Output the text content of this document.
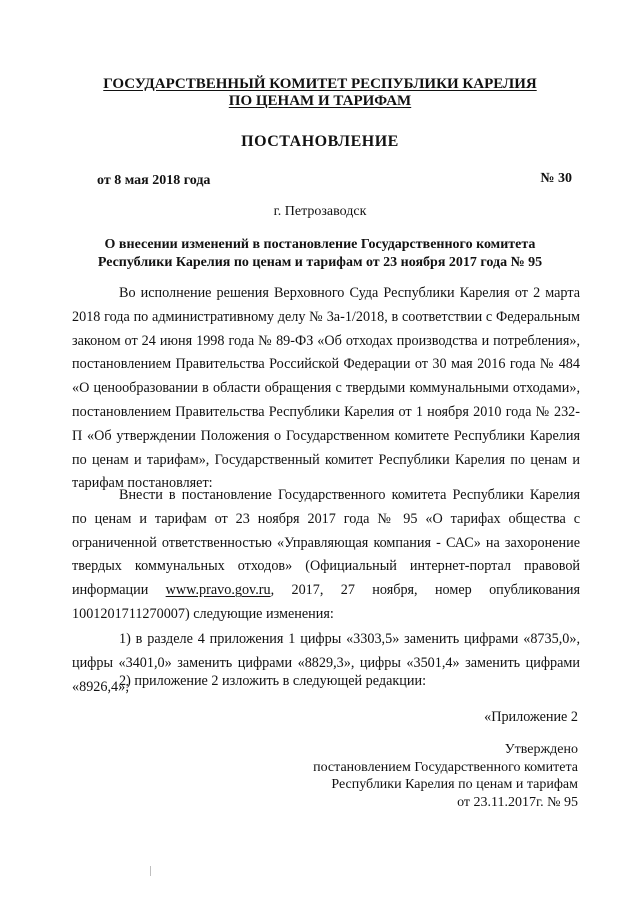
ГОСУДАРСТВЕННЫЙ КОМИТЕТ РЕСПУБЛИКИ КАРЕЛИЯ
ПО ЦЕНАМ И ТАРИФАМ
ПОСТАНОВЛЕНИЕ
от 8 мая 2018 года	№ 30
г. Петрозаводск
О внесении изменений в постановление Государственного комитета
Республики Карелия по ценам и тарифам от 23 ноября 2017 года № 95

Во исполнение решения Верховного Суда Республики Карелия от 2 марта 2018 года по административному делу № 3а-1/2018, в соответствии с Федеральным законом от 24 июня 1998 года № 89-ФЗ «Об отходах производства и потребления», постановлением Правительства Российской Федерации от 30 мая 2016 года № 484 «О ценообразовании в области обращения с твердыми коммунальными отходами», постановлением Правительства Республики Карелия от 1 ноября 2010 года № 232-П «Об утверждении Положения о Государственном комитете Республики Карелия по ценам и тарифам», Государственный комитет Республики Карелия по ценам и тарифам постановляет:

Внести в постановление Государственного комитета Республики Карелия по ценам и тарифам от 23 ноября 2017 года № 95 «О тарифах общества с ограниченной ответственностью «Управляющая компания - САС» на захоронение твердых коммунальных отходов» (Официальный интернет-портал правовой информации www.pravo.gov.ru, 2017, 27 ноября, номер опубликования 1001201711270007) следующие изменения:

1) в разделе 4 приложения 1 цифры «3303,5» заменить цифрами «8735,0», цифры «3401,0» заменить цифрами «8829,3», цифры «3501,4» заменить цифрами «8926,4»;

2) приложение 2 изложить в следующей редакции:

«Приложение 2
Утверждено
постановлением Государственного комитета
Республики Карелия по ценам и тарифам
от 23.11.2017г. № 95
